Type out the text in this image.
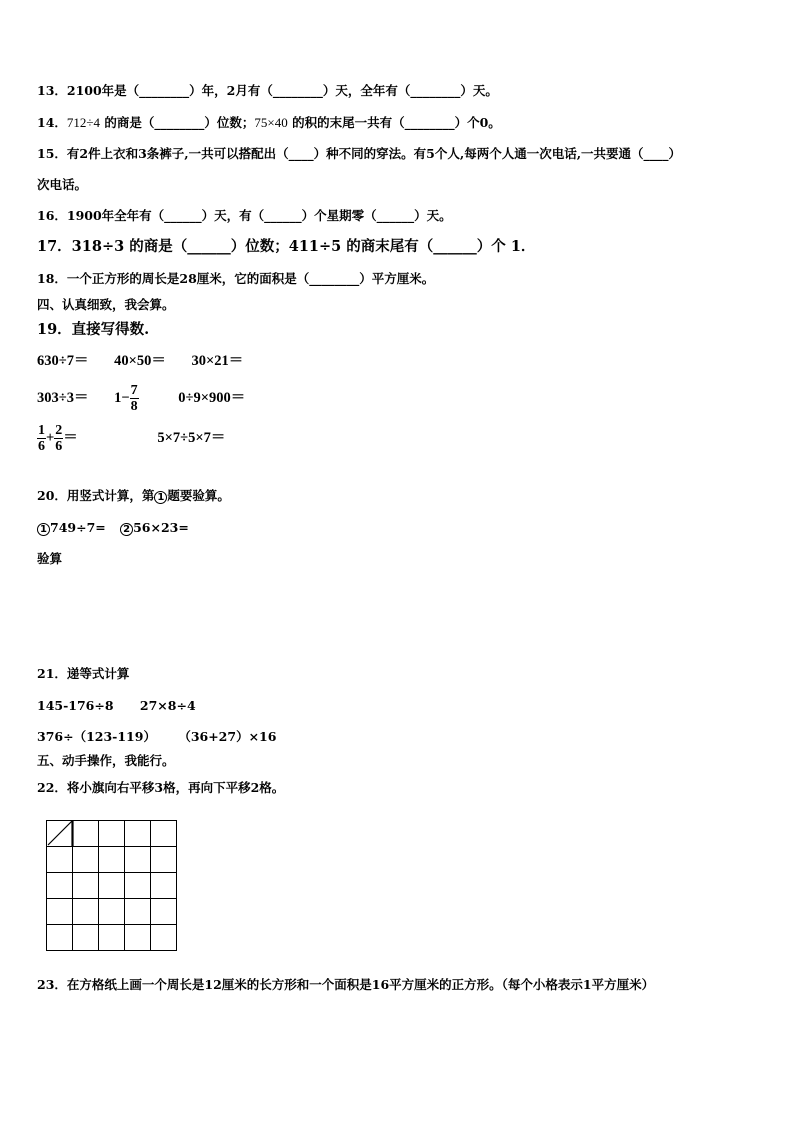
13．2100年是（________）年，2月有（________）天，全年有（________）天。
14．712÷4 的商是（________）位数；75×40 的积的末尾一共有（________）个0。
15．有2件上衣和3条裤子,一共可以搭配出（____）种不同的穿法。有5个人,每两个人通一次电话,一共要通（____）
次电话。
16．1900年全年有（______）天，有（______）个星期零（______）天。
17．318÷3 的商是（______）位数；411÷5 的商末尾有（______）个 1．
18．一个正方形的周长是28厘米，它的面积是（________）平方厘米。
四、认真细致，我会算。
19．直接写得数.
630÷7＝ 40×50＝ 30×21＝
$303\div 3= 1- \frac{7}{8}$	0÷9×900＝
$\frac{1}{6} + \frac{2}{6}$ ＝	5×7÷5×7＝
20．用竖式计算，第 1 题要验算。
1 749÷7= 2 56×23=
验算
21．递等式计算
145-176÷8 27×8÷4
376÷（123-119） （36+27）×16
五、动手操作，我能行。
22．将小旗向右平移3格，再向下平移2格。
23．在方格纸上画一个周长是12厘米的长方形和一个面积是16平方厘米的正方形。（每个小格表示1平方厘米）
